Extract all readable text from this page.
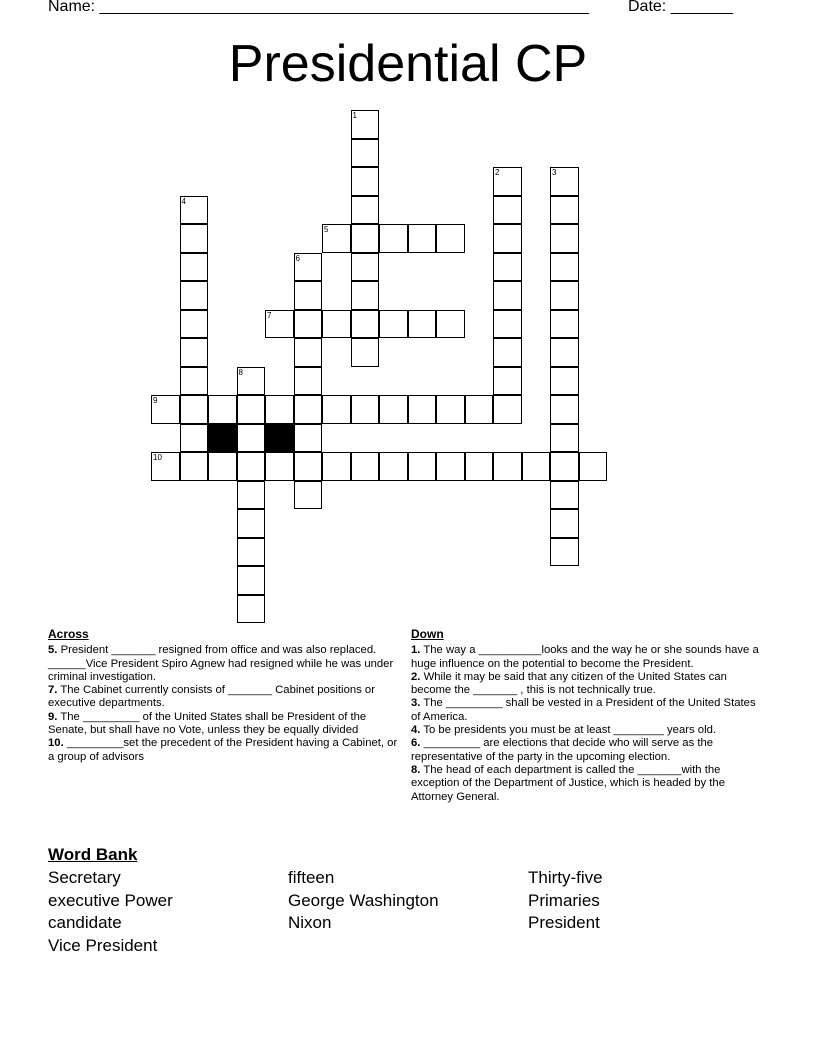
Name: _______________________________________________________ Date: _______
Presidential CP
5
7
9
10
1
2	3
4
6
8
Across

5. President _______ resigned from office and was also replaced. ______Vice President Spiro Agnew had resigned while he was under criminal investigation.

7. The Cabinet currently consists of _______ Cabinet positions or executive departments.

9. The _________ of the United States shall be President of the Senate, but shall have no Vote, unless they be equally divided

10. _________set the precedent of the President having a Cabinet, or a group of advisors

Down

1. The way a __________looks and the way he or she sounds have a huge influence on the potential to become the President.

2. While it may be said that any citizen of the United States can become the _______ , this is not technically true.

3. The _________ shall be vested in a President of the United States of America.

4. To be presidents you must be at least ________ years old.

6. _________ are elections that decide who will serve as the representative of the party in the upcoming election.

8. The head of each department is called the _______with the exception of the Department of Justice, which is headed by the Attorney General.

Word Bank
Secretary
executive Power
candidate
Vice President
fifteen
George Washington
Nixon
Thirty-five
Primaries
President
